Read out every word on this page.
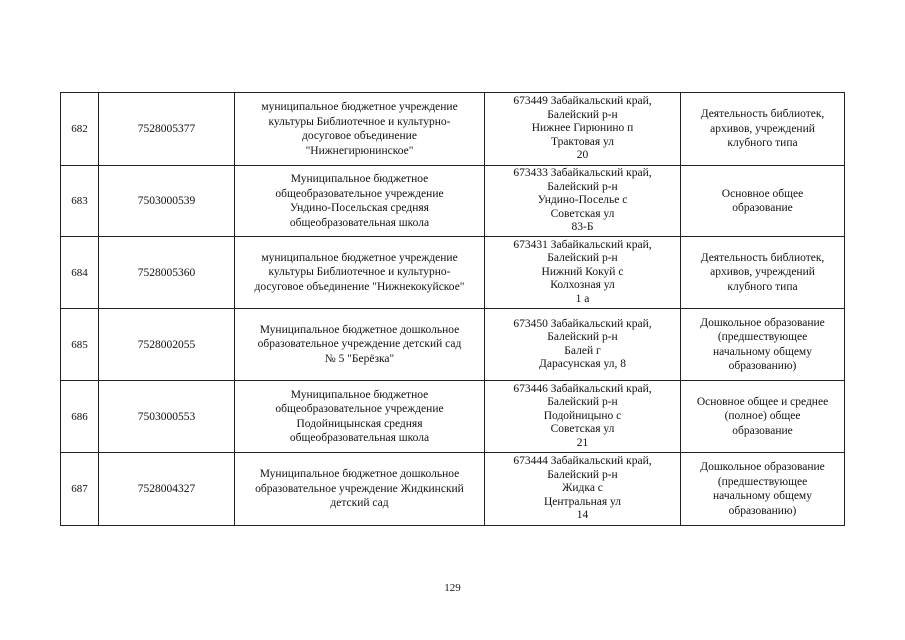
682	7528005377	муниципальное бюджетное учреждение
культуры Библиотечное и культурно-
досуговое объединение
"Нижнегирюнинское"	673449 Забайкальский край,
Балейский р-н
Нижнее Гирюнино п
Трактовая ул
20	Деятельность библиотек,
архивов, учреждений
клубного типа

683	7503000539	Муниципальное бюджетное
общеобразовательное учреждение
Ундино-Посельская средняя
общеобразовательная школа	673433 Забайкальский край,
Балейский р-н
Ундино-Поселье с
Советская ул
83-Б	Основное общее
образование

684	7528005360	муниципальное бюджетное учреждение
культуры Библиотечное и культурно-
досуговое объединение "Нижнекокуйское"	673431 Забайкальский край,
Балейский р-н
Нижний Кокуй с
Колхозная ул
1 а	Деятельность библиотек,
архивов, учреждений
клубного типа

685	7528002055	Муниципальное бюджетное дошкольное
образовательное учреждение детский сад
№ 5 "Берёзка"	673450 Забайкальский край,
Балейский р-н
Балей г
Дарасунская ул, 8	Дошкольное образование
(предшествующее
начальному общему
образованию)

686	7503000553	Муниципальное бюджетное
общеобразовательное учреждение
Подойницынская средняя
общеобразовательная школа	673446 Забайкальский край,
Балейский р-н
Подойницыно с
Советская ул
21	Основное общее и среднее
(полное) общее
образование

687	7528004327	Муниципальное бюджетное дошкольное
образовательное учреждение Жидкинский
детский сад	673444 Забайкальский край,
Балейский р-н
Жидка с
Центральная ул
14	Дошкольное образование
(предшествующее
начальному общему
образованию)
129
